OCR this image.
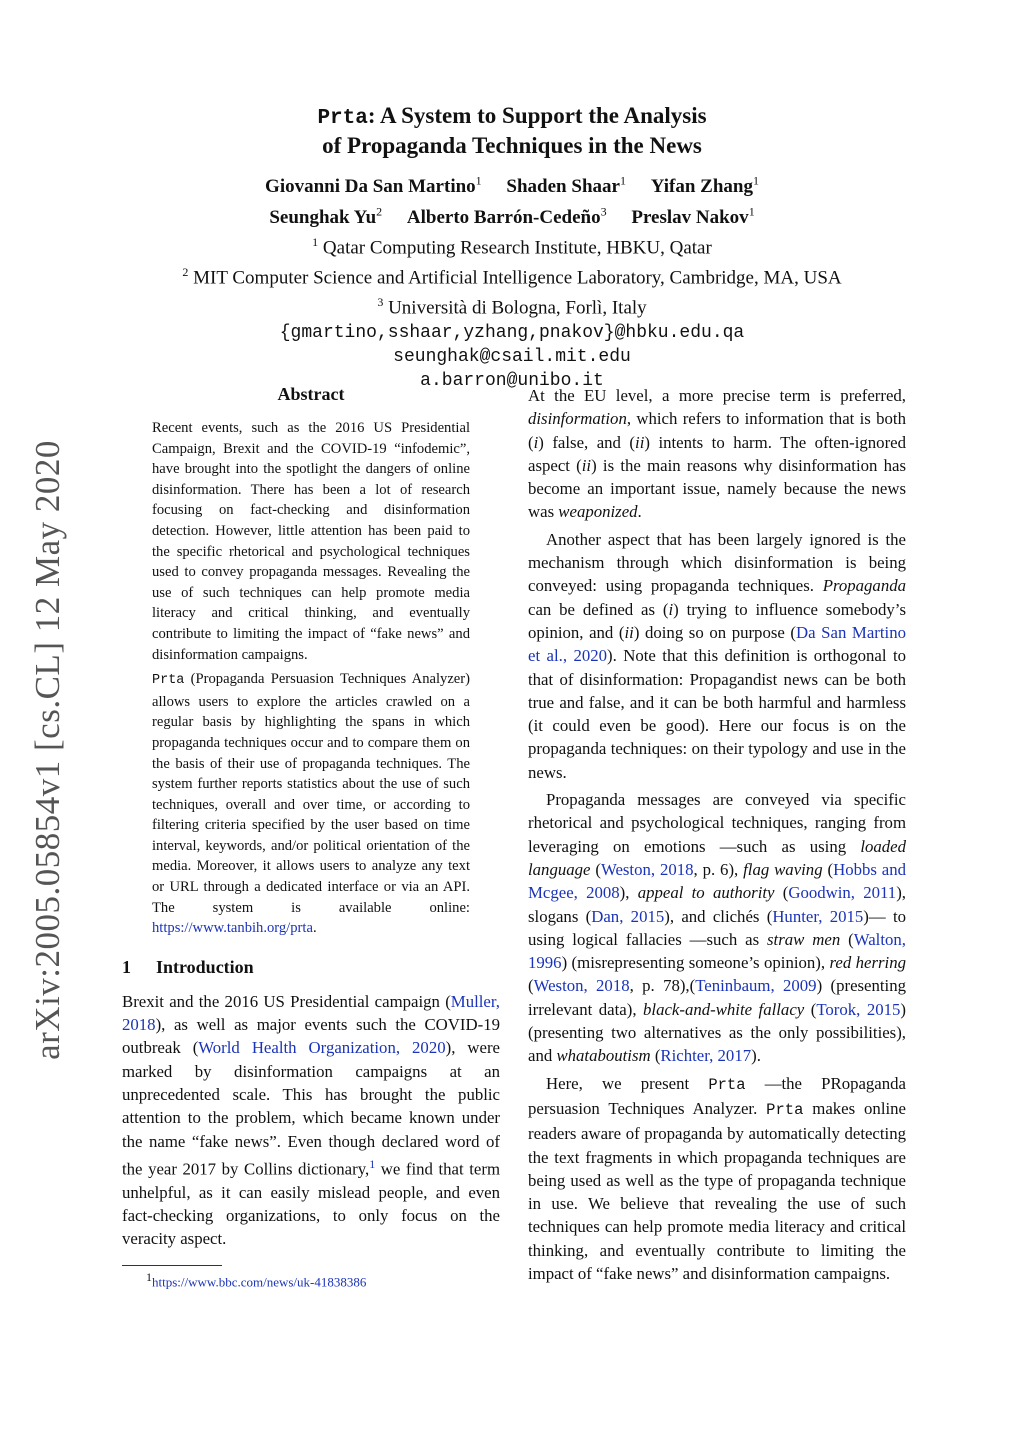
arXiv:2005.05854v1 [cs.CL] 12 May 2020
Prta: A System to Support the Analysis
of Propaganda Techniques in the News
Giovanni Da San Martino$^1$ Shaden Shaar$^1$ Yifan Zhang$^1$
Seunghak Yu$^2$ Alberto Barrón-Cedeño$^3$ Preslav Nakov$^1$
$^1$ Qatar Computing Research Institute, HBKU, Qatar
$^2$ MIT Computer Science and Artificial Intelligence Laboratory, Cambridge, MA, USA
$^3$ Università di Bologna, Forlì, Italy
{gmartino,sshaar,yzhang,pnakov}@hbku.edu.qa
seunghak@csail.mit.edu
a.barron@unibo.it
Abstract

Recent events, such as the 2016 US Presidential Campaign, Brexit and the COVID-19 “infodemic”, have brought into the spotlight the dangers of online disinformation. There has been a lot of research focusing on fact-checking and disinformation detection. However, little attention has been paid to the specific rhetorical and psychological techniques used to convey propaganda messages. Revealing the use of such techniques can help promote media literacy and critical thinking, and eventually contribute to limiting the impact of “fake news” and disinformation campaigns.

Prta (Propaganda Persuasion Techniques Analyzer) allows users to explore the articles crawled on a regular basis by highlighting the spans in which propaganda techniques occur and to compare them on the basis of their use of propaganda techniques. The system further reports statistics about the use of such techniques, overall and over time, or according to filtering criteria specified by the user based on time interval, keywords, and/or political orientation of the media. Moreover, it allows users to analyze any text or URL through a dedicated interface or via an API. The system is available online: https://www.tanbih.org/prta.

1 Introduction

Brexit and the 2016 US Presidential campaign (Muller, 2018), as well as major events such the COVID-19 outbreak (World Health Organization, 2020), were marked by disinformation campaigns at an unprecedented scale. This has brought the public attention to the problem, which became known under the name “fake news”. Even though declared word of the year 2017 by Collins dictionary,$^1$ we find that term unhelpful, as it can easily mislead people, and even fact-checking organizations, to only focus on the veracity aspect.

$^1$https://www.bbc.com/news/uk-41838386

At the EU level, a more precise term is preferred, disinformation, which refers to information that is both (i) false, and (ii) intents to harm. The often-ignored aspect (ii) is the main reasons why disinformation has become an important issue, namely because the news was weaponized.

Another aspect that has been largely ignored is the mechanism through which disinformation is being conveyed: using propaganda techniques. Propaganda can be defined as (i) trying to influence somebody’s opinion, and (ii) doing so on purpose (Da San Martino et al., 2020). Note that this definition is orthogonal to that of disinformation: Propagandist news can be both true and false, and it can be both harmful and harmless (it could even be good). Here our focus is on the propaganda techniques: on their typology and use in the news.

Propaganda messages are conveyed via specific rhetorical and psychological techniques, ranging from leveraging on emotions —such as using loaded language (Weston, 2018, p. 6), flag waving (Hobbs and Mcgee, 2008), appeal to authority (Goodwin, 2011), slogans (Dan, 2015), and clichés (Hunter, 2015)— to using logical fallacies —such as straw men (Walton, 1996) (misrepresenting someone’s opinion), red herring (Weston, 2018, p. 78),(Teninbaum, 2009) (presenting irrelevant data), black-and-white fallacy (Torok, 2015) (presenting two alternatives as the only possibilities), and whataboutism (Richter, 2017).

Here, we present Prta —the PRopaganda persuasion Techniques Analyzer. Prta makes online readers aware of propaganda by automatically detecting the text fragments in which propaganda techniques are being used as well as the type of propaganda technique in use. We believe that revealing the use of such techniques can help promote media literacy and critical thinking, and eventually contribute to limiting the impact of “fake news” and disinformation campaigns.
